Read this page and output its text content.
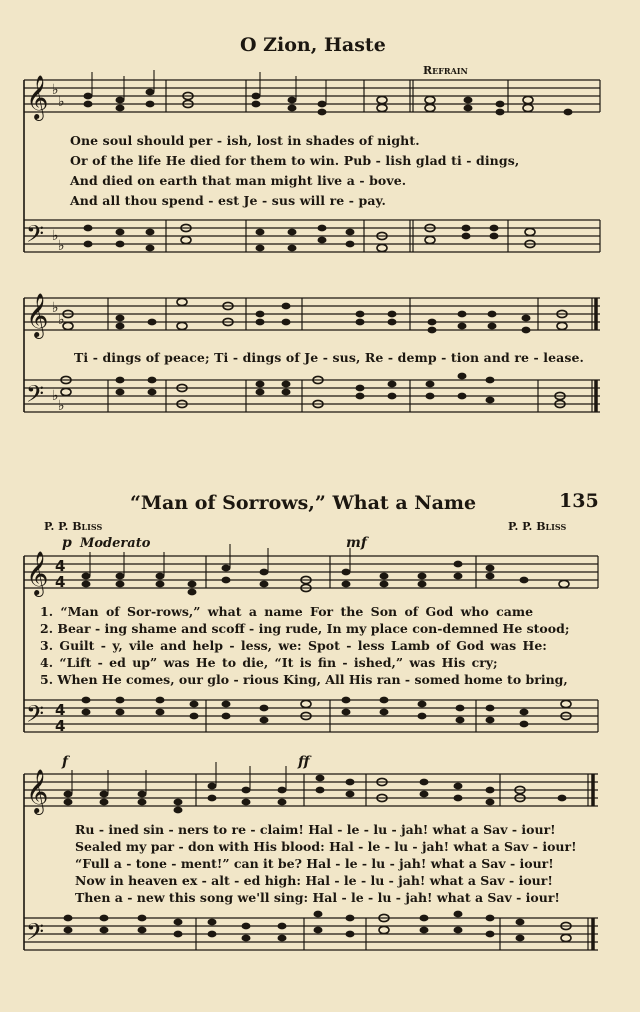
O Zion, Haste
Refrain
𝄞
𝄢
𝄞
𝄢
𝄞
𝄢
𝄞
𝄢
♭
♭
♭
♭
♭
♭
♭
♭
4
4
4
4
One soul should per - ish, lost in shades of night.
Or of the life He died for them to win. Pub - lish glad ti - dings,
And died on earth that man might live a - bove.
And all thou spend - est Je - sus will re - pay.
Ti - dings of peace; Ti - dings of Je - sus, Re - demp - tion and re - lease.
“Man of Sorrows,” What a Name	135
P. P. Bliss	P. P. Bliss
p Moderato	mf
f	ff
1. “Man of Sor-rows,” what a name For the Son of God who came
2. Bear - ing shame and scoff - ing rude, In my place con-demned He stood;
3. Guilt - y, vile and help - less, we: Spot - less Lamb of God was He:
4. “Lift - ed up” was He to die, “It is fin - ished,” was His cry;
5. When He comes, our glo - rious King, All His ran - somed home to bring,
Ru - ined sin - ners to re - claim! Hal - le - lu - jah! what a Sav - iour!
Sealed my par - don with His blood: Hal - le - lu - jah! what a Sav - iour!
“Full a - tone - ment!” can it be? Hal - le - lu - jah! what a Sav - iour!
Now in heaven ex - alt - ed high: Hal - le - lu - jah! what a Sav - iour!
Then a - new this song we'll sing: Hal - le - lu - jah! what a Sav - iour!
